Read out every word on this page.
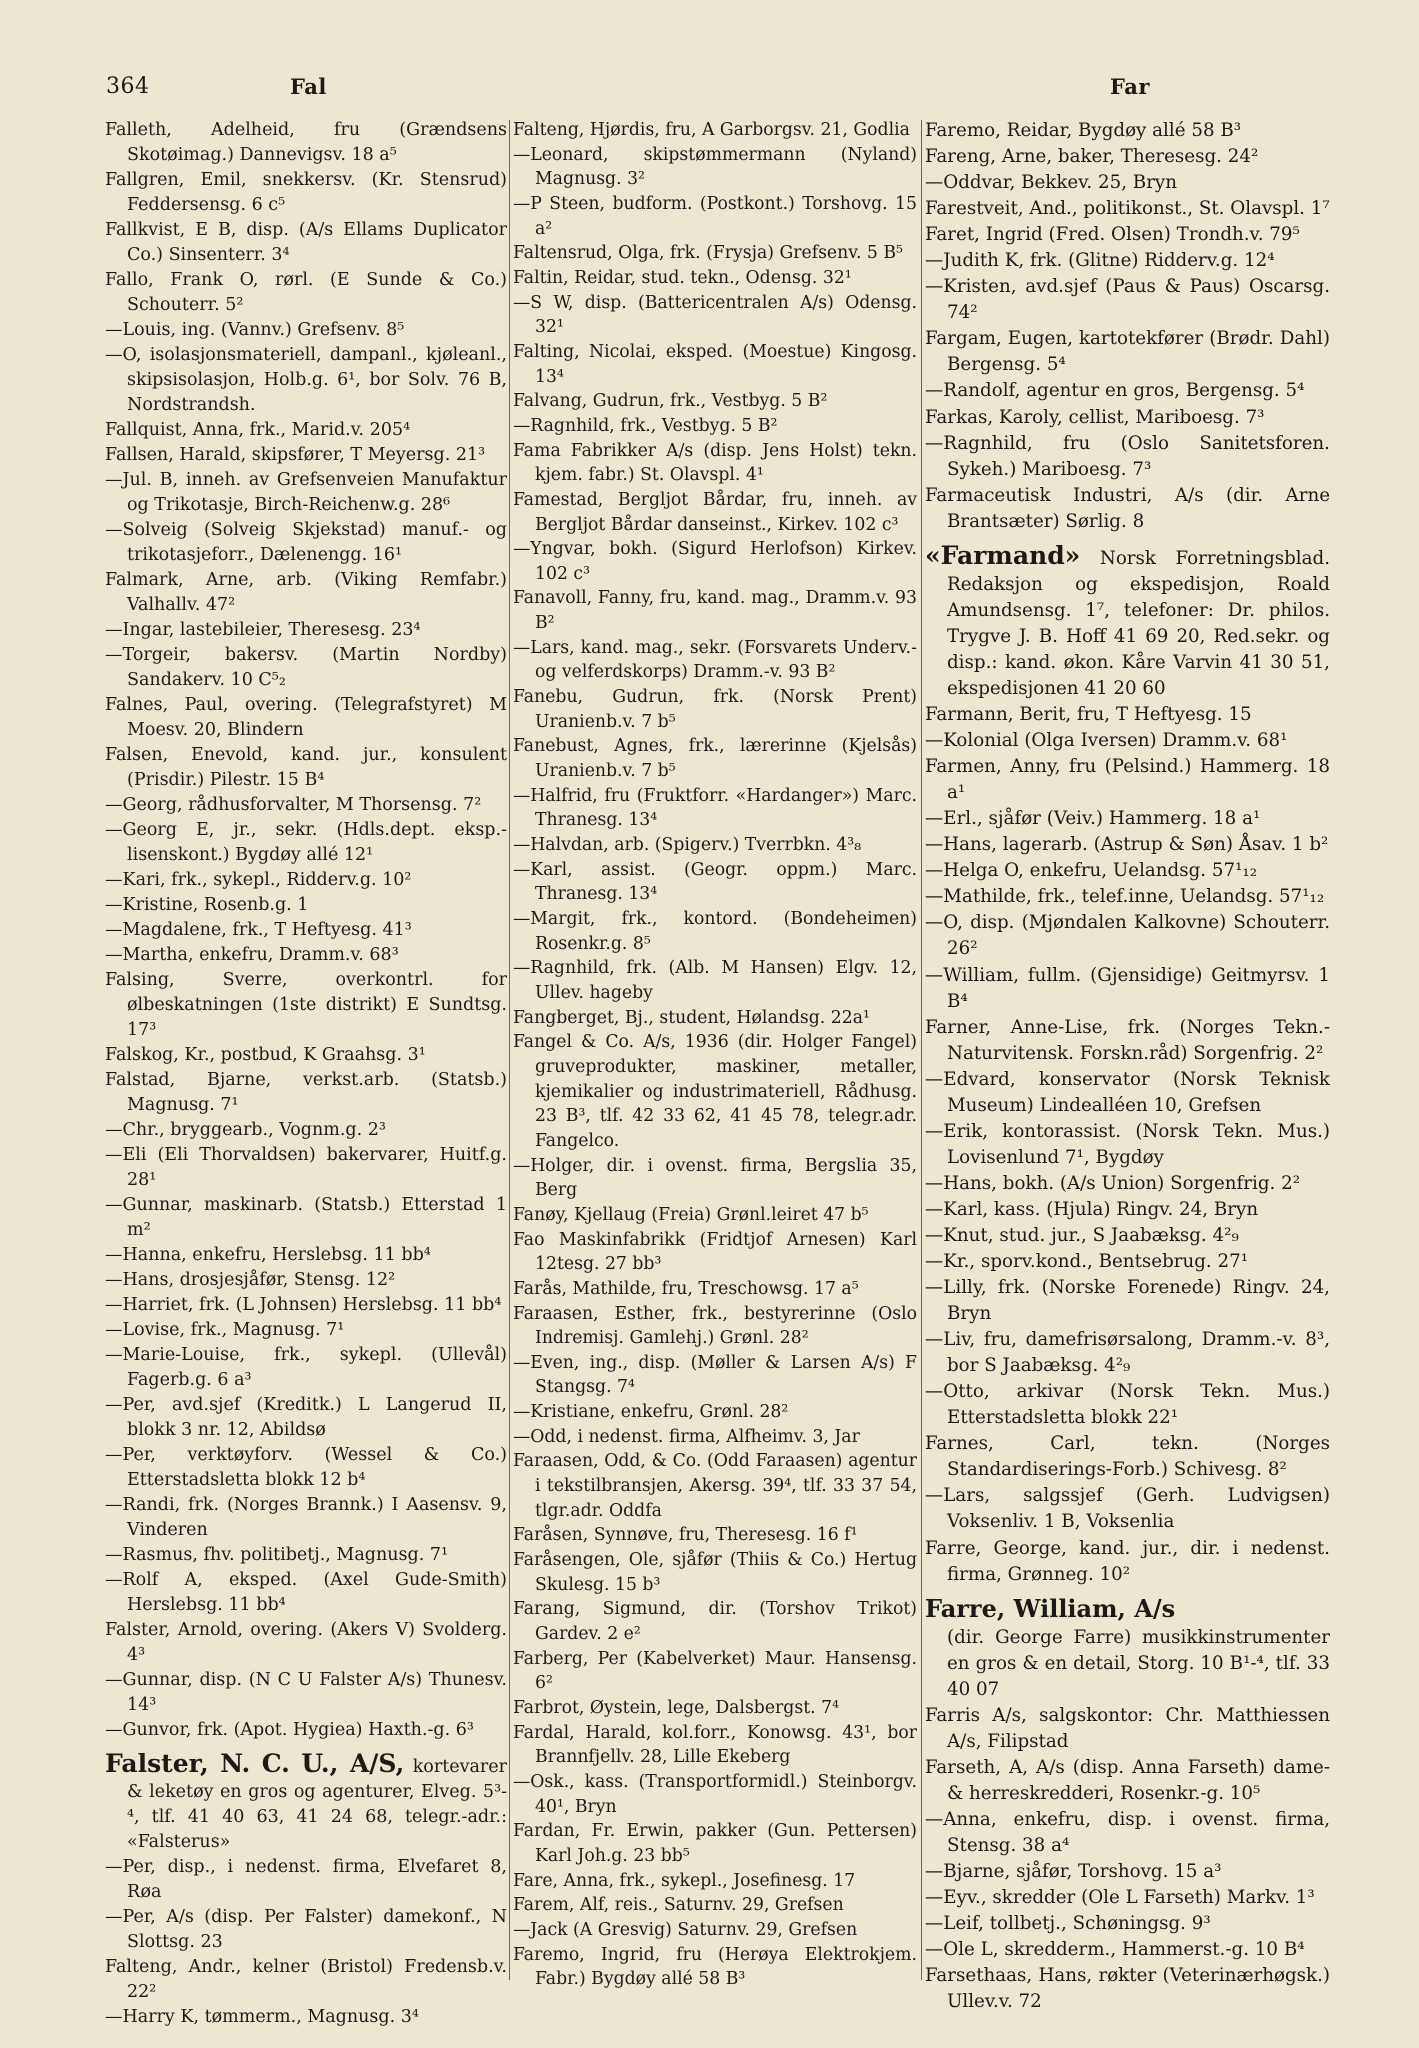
364	Fal	Far
Falleth, Adelheid, fru (Grændsens Skotøimag.) Dannevigsv. 18 a⁵
Fallgren, Emil, snekkersv. (Kr. Stensrud) Feddersensg. 6 c⁵
Fallkvist, E B, disp. (A/s Ellams Duplicator Co.) Sinsenterr. 3⁴
Fallo, Frank O, rørl. (E Sunde & Co.) Schouterr. 5²
—Louis, ing. (Vannv.) Grefsenv. 8⁵
—O, isolasjonsmateriell, dampanl., kjøleanl., skipsisolasjon, Holb.g. 6¹, bor Solv. 76 B, Nordstrandsh.
Fallquist, Anna, frk., Marid.v. 205⁴
Fallsen, Harald, skipsfører, T Meyersg. 21³
—Jul. B, inneh. av Grefsenveien Manufaktur og Trikotasje, Birch-Reichenw.g. 28⁶
—Solveig (Solveig Skjekstad) manuf.- og trikotasjeforr., Dælenengg. 16¹
Falmark, Arne, arb. (Viking Remfabr.) Valhallv. 47²
—Ingar, lastebileier, Theresesg. 23⁴
—Torgeir, bakersv. (Martin Nordby) Sandakerv. 10 C⁵₂
Falnes, Paul, overing. (Telegrafstyret) M Moesv. 20, Blindern
Falsen, Enevold, kand. jur., konsulent (Prisdir.) Pilestr. 15 B⁴
—Georg, rådhusforvalter, M Thorsensg. 7²
—Georg E, jr., sekr. (Hdls.dept. eksp.-lisenskont.) Bygdøy allé 12¹
—Kari, frk., sykepl., Ridderv.g. 10²
—Kristine, Rosenb.g. 1
—Magdalene, frk., T Heftyesg. 41³
—Martha, enkefru, Dramm.v. 68³
Falsing, Sverre, overkontrl. for ølbeskatningen (1ste distrikt) E Sundtsg. 17³
Falskog, Kr., postbud, K Graahsg. 3¹
Falstad, Bjarne, verkst.arb. (Statsb.) Magnusg. 7¹
—Chr., bryggearb., Vognm.g. 2³
—Eli (Eli Thorvaldsen) bakervarer, Huitf.g. 28¹
—Gunnar, maskinarb. (Statsb.) Etterstad 1 m²
—Hanna, enkefru, Herslebsg. 11 bb⁴
—Hans, drosjesjåfør, Stensg. 12²
—Harriet, frk. (L Johnsen) Herslebsg. 11 bb⁴
—Lovise, frk., Magnusg. 7¹
—Marie-Louise, frk., sykepl. (Ullevål) Fagerb.g. 6 a³
—Per, avd.sjef (Kreditk.) L Langerud II, blokk 3 nr. 12, Abildsø
—Per, verktøyforv. (Wessel & Co.) Etterstadsletta blokk 12 b⁴
—Randi, frk. (Norges Brannk.) I Aasensv. 9, Vinderen
—Rasmus, fhv. politibetj., Magnusg. 7¹
—Rolf A, eksped. (Axel Gude-Smith) Herslebsg. 11 bb⁴
Falster, Arnold, overing. (Akers V) Svolderg. 4³
—Gunnar, disp. (N C U Falster A/s) Thunesv. 14³
—Gunvor, frk. (Apot. Hygiea) Haxth.-g. 6³
Falster, N. C. U., A/S, kortevarer & leketøy en gros og agenturer, Elveg. 5³-⁴, tlf. 41 40 63, 41 24 68, telegr.-adr.: «Falsterus»
—Per, disp., i nedenst. firma, Elvefaret 8, Røa
—Per, A/s (disp. Per Falster) damekonf., N Slottsg. 23
Falteng, Andr., kelner (Bristol) Fredensb.v. 22²
—Harry K, tømmerm., Magnusg. 3⁴
Falteng, Hjørdis, fru, A Garborgsv. 21, Godlia
—Leonard, skipstømmermann (Nyland) Magnusg. 3²
—P Steen, budform. (Postkont.) Torshovg. 15 a²
Faltensrud, Olga, frk. (Frysja) Grefsenv. 5 B⁵
Faltin, Reidar, stud. tekn., Odensg. 32¹
—S W, disp. (Battericentralen A/s) Odensg. 32¹
Falting, Nicolai, eksped. (Moestue) Kingosg. 13⁴
Falvang, Gudrun, frk., Vestbyg. 5 B²
—Ragnhild, frk., Vestbyg. 5 B²
Fama Fabrikker A/s (disp. Jens Holst) tekn. kjem. fabr.) St. Olavspl. 4¹
Famestad, Bergljot Bårdar, fru, inneh. av Bergljot Bårdar danseinst., Kirkev. 102 c³
—Yngvar, bokh. (Sigurd Herlofson) Kirkev. 102 c³
Fanavoll, Fanny, fru, kand. mag., Dramm.v. 93 B²
—Lars, kand. mag., sekr. (Forsvarets Underv.- og velferdskorps) Dramm.-v. 93 B²
Fanebu, Gudrun, frk. (Norsk Prent) Uranienb.v. 7 b⁵
Fanebust, Agnes, frk., lærerinne (Kjelsås) Uranienb.v. 7 b⁵
—Halfrid, fru (Fruktforr. «Hardanger») Marc. Thranesg. 13⁴
—Halvdan, arb. (Spigerv.) Tverrbkn. 4³₈
—Karl, assist. (Geogr. oppm.) Marc. Thranesg. 13⁴
—Margit, frk., kontord. (Bondeheimen) Rosenkr.g. 8⁵
—Ragnhild, frk. (Alb. M Hansen) Elgv. 12, Ullev. hageby
Fangberget, Bj., student, Hølandsg. 22a¹
Fangel & Co. A/s, 1936 (dir. Holger Fangel) gruveprodukter, maskiner, metaller, kjemikalier og industrimateriell, Rådhusg. 23 B³, tlf. 42 33 62, 41 45 78, telegr.adr. Fangelco.
—Holger, dir. i ovenst. firma, Bergslia 35, Berg
Fanøy, Kjellaug (Freia) Grønl.leiret 47 b⁵
Fao Maskinfabrikk (Fridtjof Arnesen) Karl 12tesg. 27 bb³
Farås, Mathilde, fru, Treschowsg. 17 a⁵
Faraasen, Esther, frk., bestyrerinne (Oslo Indremisj. Gamlehj.) Grønl. 28²
—Even, ing., disp. (Møller & Larsen A/s) F Stangsg. 7⁴
—Kristiane, enkefru, Grønl. 28²
—Odd, i nedenst. firma, Alfheimv. 3, Jar
Faraasen, Odd, & Co. (Odd Faraasen) agentur i tekstilbransjen, Akersg. 39⁴, tlf. 33 37 54, tlgr.adr. Oddfa
Faråsen, Synnøve, fru, Theresesg. 16 f¹
Faråsengen, Ole, sjåfør (Thiis & Co.) Hertug Skulesg. 15 b³
Farang, Sigmund, dir. (Torshov Trikot) Gardev. 2 e²
Farberg, Per (Kabelverket) Maur. Hansensg. 6²
Farbrot, Øystein, lege, Dalsbergst. 7⁴
Fardal, Harald, kol.forr., Konowsg. 43¹, bor Brannfjellv. 28, Lille Ekeberg
—Osk., kass. (Transportformidl.) Steinborgv. 40¹, Bryn
Fardan, Fr. Erwin, pakker (Gun. Pettersen) Karl Joh.g. 23 bb⁵
Fare, Anna, frk., sykepl., Josefinesg. 17
Farem, Alf, reis., Saturnv. 29, Grefsen
—Jack (A Gresvig) Saturnv. 29, Grefsen
Faremo, Ingrid, fru (Herøya Elektrokjem. Fabr.) Bygdøy allé 58 B³
Faremo, Reidar, Bygdøy allé 58 B³
Fareng, Arne, baker, Theresesg. 24²
—Oddvar, Bekkev. 25, Bryn
Farestveit, And., politikonst., St. Olavspl. 1⁷
Faret, Ingrid (Fred. Olsen) Trondh.v. 79⁵
—Judith K, frk. (Glitne) Ridderv.g. 12⁴
—Kristen, avd.sjef (Paus & Paus) Oscarsg. 74²
Fargam, Eugen, kartotekfører (Brødr. Dahl) Bergensg. 5⁴
—Randolf, agentur en gros, Bergensg. 5⁴
Farkas, Karoly, cellist, Mariboesg. 7³
—Ragnhild, fru (Oslo Sanitetsforen. Sykeh.) Mariboesg. 7³
Farmaceutisk Industri, A/s (dir. Arne Brantsæter) Sørlig. 8
«Farmand» Norsk Forretningsblad. Redaksjon og ekspedisjon, Roald Amundsensg. 1⁷, telefoner: Dr. philos. Trygve J. B. Hoff 41 69 20, Red.sekr. og disp.: kand. økon. Kåre Varvin 41 30 51, ekspedisjonen 41 20 60
Farmann, Berit, fru, T Heftyesg. 15
—Kolonial (Olga Iversen) Dramm.v. 68¹
Farmen, Anny, fru (Pelsind.) Hammerg. 18 a¹
—Erl., sjåfør (Veiv.) Hammerg. 18 a¹
—Hans, lagerarb. (Astrup & Søn) Åsav. 1 b²
—Helga O, enkefru, Uelandsg. 57¹₁₂
—Mathilde, frk., telef.inne, Uelandsg. 57¹₁₂
—O, disp. (Mjøndalen Kalkovne) Schouterr. 26²
—William, fullm. (Gjensidige) Geitmyrsv. 1 B⁴
Farner, Anne-Lise, frk. (Norges Tekn.-Naturvitensk. Forskn.råd) Sorgenfrig. 2²
—Edvard, konservator (Norsk Teknisk Museum) Lindealléen 10, Grefsen
—Erik, kontorassist. (Norsk Tekn. Mus.) Lovisenlund 7¹, Bygdøy
—Hans, bokh. (A/s Union) Sorgenfrig. 2²
—Karl, kass. (Hjula) Ringv. 24, Bryn
—Knut, stud. jur., S Jaabæksg. 4²₉
—Kr., sporv.kond., Bentsebrug. 27¹
—Lilly, frk. (Norske Forenede) Ringv. 24, Bryn
—Liv, fru, damefrisørsalong, Dramm.-v. 8³, bor S Jaabæksg. 4²₉
—Otto, arkivar (Norsk Tekn. Mus.) Etterstadsletta blokk 22¹
Farnes, Carl, tekn. (Norges Standardiserings-Forb.) Schivesg. 8²
—Lars, salgssjef (Gerh. Ludvigsen) Voksenliv. 1 B, Voksenlia
Farre, George, kand. jur., dir. i nedenst. firma, Grønneg. 10²
Farre, William, A/s
(dir. George Farre) musikkinstrumenter en gros & en detail, Storg. 10 B¹-⁴, tlf. 33 40 07
Farris A/s, salgskontor: Chr. Matthiessen A/s, Filipstad
Farseth, A, A/s (disp. Anna Farseth) dame- & herreskredderi, Rosenkr.-g. 10⁵
—Anna, enkefru, disp. i ovenst. firma, Stensg. 38 a⁴
—Bjarne, sjåfør, Torshovg. 15 a³
—Eyv., skredder (Ole L Farseth) Markv. 1³
—Leif, tollbetj., Schøningsg. 9³
—Ole L, skredderm., Hammerst.-g. 10 B⁴
Farsethaas, Hans, røkter (Veterinærhøgsk.) Ullev.v. 72
